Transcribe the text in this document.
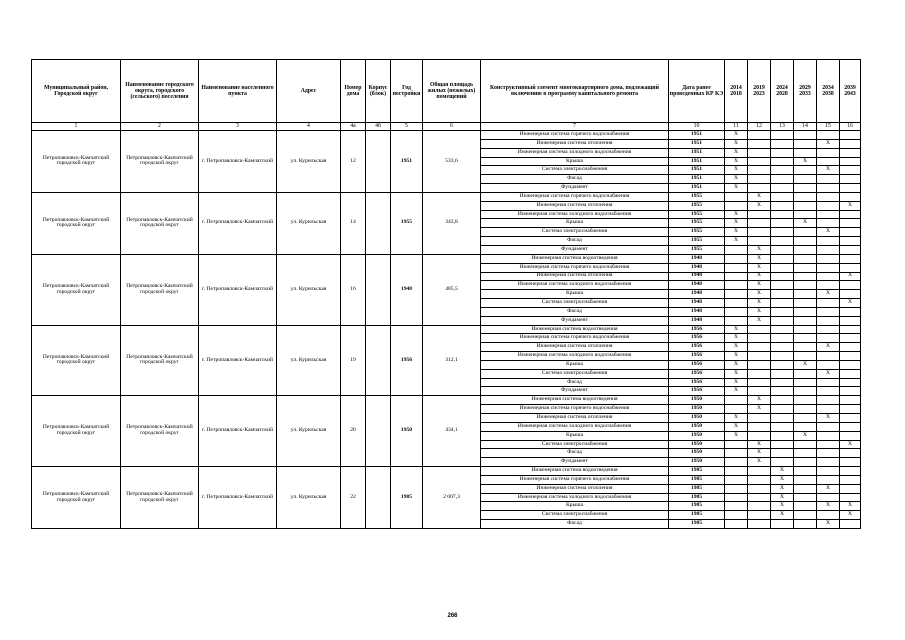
Муниципальный район, Городской округ	Наименование городского округа, городского (сельского) поселения	Наименование населенного пункта	Адрес	Номер дома	Корпус (блок)	Год постройки	Общая площадь жилых (нежилых) помещений	Конструктивный элемент многоквартирного дома, подлежащий включению в программу капитального ремонта	Дата ранее проведенных КР КЭ	2014 2018	2019 2023	2024 2028	2029 2033	2034 2038	2039 2043
1	2	3	4	4а	4б	5	6	7	10	11	12	13	14	15	16
Петропавловск-Камчатский городской округ	Петропавловск-Камчатский городской округ	г. Петропавловск-Камчатский	ул. Курильская	12		1951	533,6	Инженерная система горячего водоснабжения	1951	X					
								Инженерная система отопления	1951	X				X	
								Инженерная система холодного водоснабжения	1951	X					
								Крыша	1951	X			X		
								Система электроснабжения	1951	X				X	
								Фасад	1951	X					
								Фундамент	1951	X					
Петропавловск-Камчатский городской округ	Петропавловск-Камчатский городской округ	г. Петропавловск-Камчатский	ул. Курильская	14		1955	343,8	Инженерная система горячего водоснабжения	1955		X				
								Инженерная система отопления	1955		X				X
								Инженерная система холодного водоснабжения	1955	X					
								Крыша	1955	X			X		
								Система электроснабжения	1955	X				X	
								Фасад	1955	X					
								Фундамент	1955		X				
Петропавловск-Камчатский городской округ	Петропавловск-Камчатский городской округ	г. Петропавловск-Камчатский	ул. Курильская	16		1948	485,5	Инженерная система водоотведения	1948		X				
								Инженерная система горячего водоснабжения	1948		X				
								Инженерная система отопления	1948		X				X
								Инженерная система холодного водоснабжения	1948		X				
								Крыша	1948		X			X	
								Система электроснабжения	1948		X				X
								Фасад	1948		X				
								Фундамент	1948		X				
Петропавловск-Камчатский городской округ	Петропавловск-Камчатский городской округ	г. Петропавловск-Камчатский	ул. Курильская	19		1956	312,1	Инженерная система водоотведения	1956	X					
								Инженерная система горячего водоснабжения	1956	X					
								Инженерная система отопления	1956	X				X	
								Инженерная система холодного водоснабжения	1956	X					
								Крыша	1956	X			X		
								Система электроснабжения	1956	X				X	
								Фасад	1956	X					
								Фундамент	1956	X					
Петропавловск-Камчатский городской округ	Петропавловск-Камчатский городской округ	г. Петропавловск-Камчатский	ул. Курильская	20		1950	434,1	Инженерная система водоотведения	1950		X				
								Инженерная система горячего водоснабжения	1950		X				
								Инженерная система отопления	1950	X				X	
								Инженерная система холодного водоснабжения	1950	X					
								Крыша	1950	X			X		
								Система электроснабжения	1950		X				X
								Фасад	1950		X				
								Фундамент	1950		X				
Петропавловск-Камчатский городской округ	Петропавловск-Камчатский городской округ	г. Петропавловск-Камчатский	ул. Курильская	22		1985	2 007,3	Инженерная система водоотведения	1985			X			
								Инженерная система горячего водоснабжения	1985			X			
								Инженерная система отопления	1985			X		X	
								Инженерная система холодного водоснабжения	1985			X			
								Крыша	1985			X		X	X
								Система электроснабжения	1985			X			X
								Фасад	1985					X	
266
